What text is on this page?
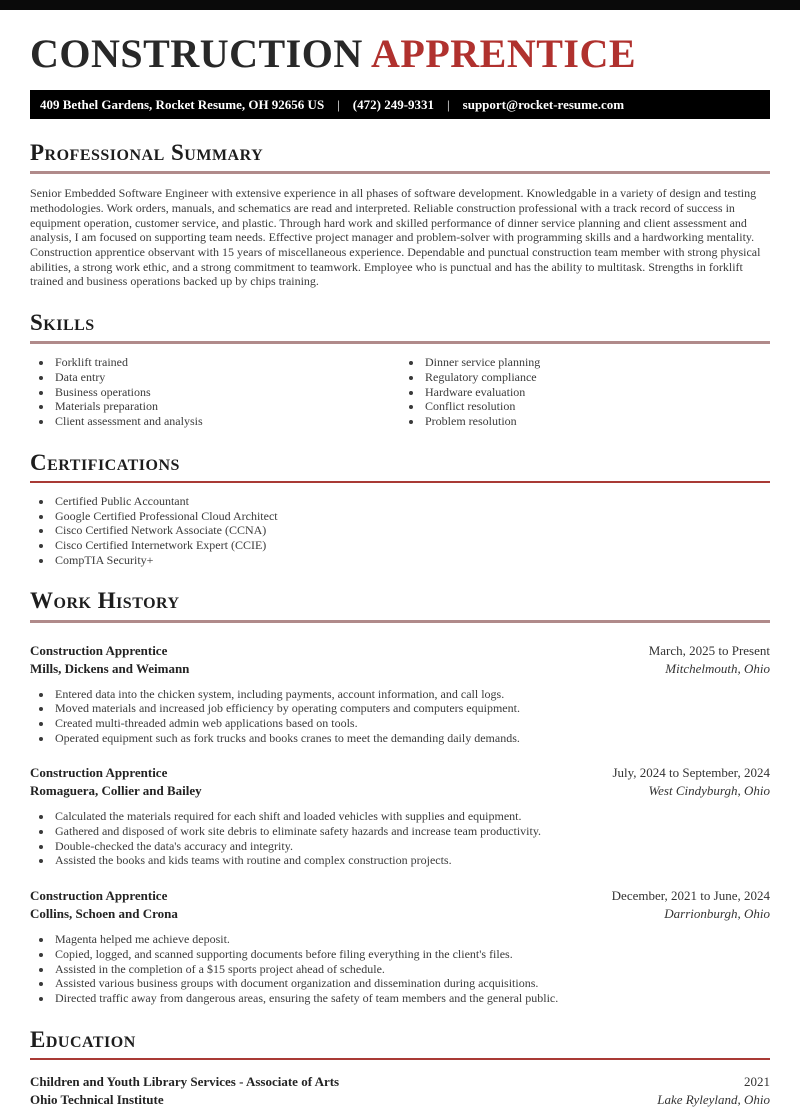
CONSTRUCTION APPRENTICE
409 Bethel Gardens, Rocket Resume, OH 92656 US | (472) 249-9331 | support@rocket-resume.com
Professional Summary

Senior Embedded Software Engineer with extensive experience in all phases of software development. Knowledgable in a variety of design and testing methodologies. Work orders, manuals, and schematics are read and interpreted. Reliable construction professional with a track record of success in equipment operation, customer service, and plastic. Through hard work and skilled performance of dinner service planning and client assessment and analysis, I am focused on supporting team needs. Effective project manager and problem-solver with programming skills and a hardworking mentality. Construction apprentice observant with 15 years of miscellaneous experience. Dependable and punctual construction team member with strong physical abilities, a strong work ethic, and a strong commitment to teamwork. Employee who is punctual and has the ability to multitask. Strengths in forklift trained and business operations backed up by chips training.

Skills
• Forklift trained
• Data entry
• Business operations
• Materials preparation
• Client assessment and analysis
• Dinner service planning
• Regulatory compliance
• Hardware evaluation
• Conflict resolution
• Problem resolution
Certifications
• Certified Public Accountant
• Google Certified Professional Cloud Architect
• Cisco Certified Network Associate (CCNA)
• Cisco Certified Internetwork Expert (CCIE)
• CompTIA Security+
Work History
Construction Apprentice	March, 2025 to Present
Mills, Dickens and Weimann	Mitchelmouth, Ohio
• Entered data into the chicken system, including payments, account information, and call logs.
• Moved materials and increased job efficiency by operating computers and computers equipment.
• Created multi-threaded admin web applications based on tools.
• Operated equipment such as fork trucks and books cranes to meet the demanding daily demands.
Construction Apprentice	July, 2024 to September, 2024
Romaguera, Collier and Bailey	West Cindyburgh, Ohio
• Calculated the materials required for each shift and loaded vehicles with supplies and equipment.
• Gathered and disposed of work site debris to eliminate safety hazards and increase team productivity.
• Double-checked the data's accuracy and integrity.
• Assisted the books and kids teams with routine and complex construction projects.
Construction Apprentice	December, 2021 to June, 2024
Collins, Schoen and Crona	Darrionburgh, Ohio
• Magenta helped me achieve deposit.
• Copied, logged, and scanned supporting documents before filing everything in the client's files.
• Assisted in the completion of a $15 sports project ahead of schedule.
• Assisted various business groups with document organization and dissemination during acquisitions.
• Directed traffic away from dangerous areas, ensuring the safety of team members and the general public.
Education
Children and Youth Library Services - Associate of Arts	2021
Ohio Technical Institute	Lake Ryleyland, Ohio
